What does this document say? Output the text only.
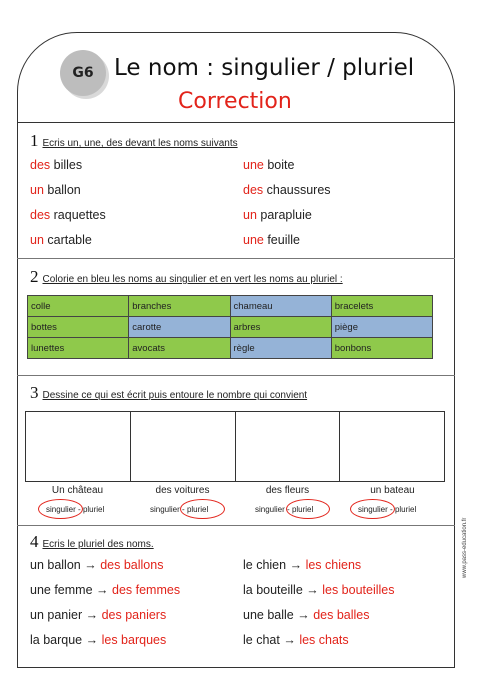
G6 Le nom : singulier / pluriel
Correction
1 Ecris un, une, des devant les noms suivants
des billes	une boite
un ballon	des chaussures
des raquettes	un parapluie
un cartable	une feuille
2 Colorie en bleu les noms au singulier et en vert les noms au pluriel :
colle	branches	chameau	bracelets
bottes	carotte	arbres	piège
lunettes	avocats	règle	bonbons
3 Dessine ce qui est écrit puis entoure le nombre qui convient
Un château	des voitures	des fleurs	un bateau
singulier - pluriel	singulier - pluriel	singulier - pluriel	singulier - pluriel
4 Ecris le pluriel des noms.
un ballon → des ballons	le chien → les chiens
une femme → des femmes	la bouteille → les bouteilles
un panier → des paniers	une balle → des balles
la barque → les barques	le chat → les chats
www.pass-education.fr
